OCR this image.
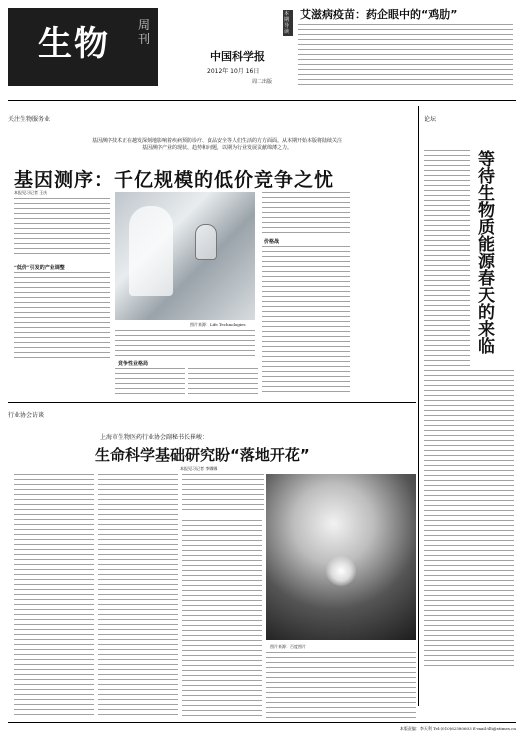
生物 周刊
中国科学报
2012年 10月 16日
周二出版
本期导读
艾滋病疫苗：药企眼中的“鸡肋”
关注生物服务业
基因测序技术正在越发深刻地影响着疾病预防诊疗、食品安全等人们生活的方方面面。从本期开始本版将陆续关注基因测序产业的现状、趋势和问题，以期为行业发展贡献绵薄之力。
基因测序：千亿规模的低价竞争之忧
本报见习记者 王庆
“低价”引发的产业调整
图片来源：Life Technologies
竞争性业格局
价格战
论坛
等待生物质能源春天的来临
行业协会访谈
上海市生物医药行业协会副秘书长崔峻：
生命科学基础研究盼“落地开花”
本报见习记者 李娜娜
图片来源：百度图片
本版责编：李天利 Tel:(010)62580603 E-mail:tlli@stimes.cn
